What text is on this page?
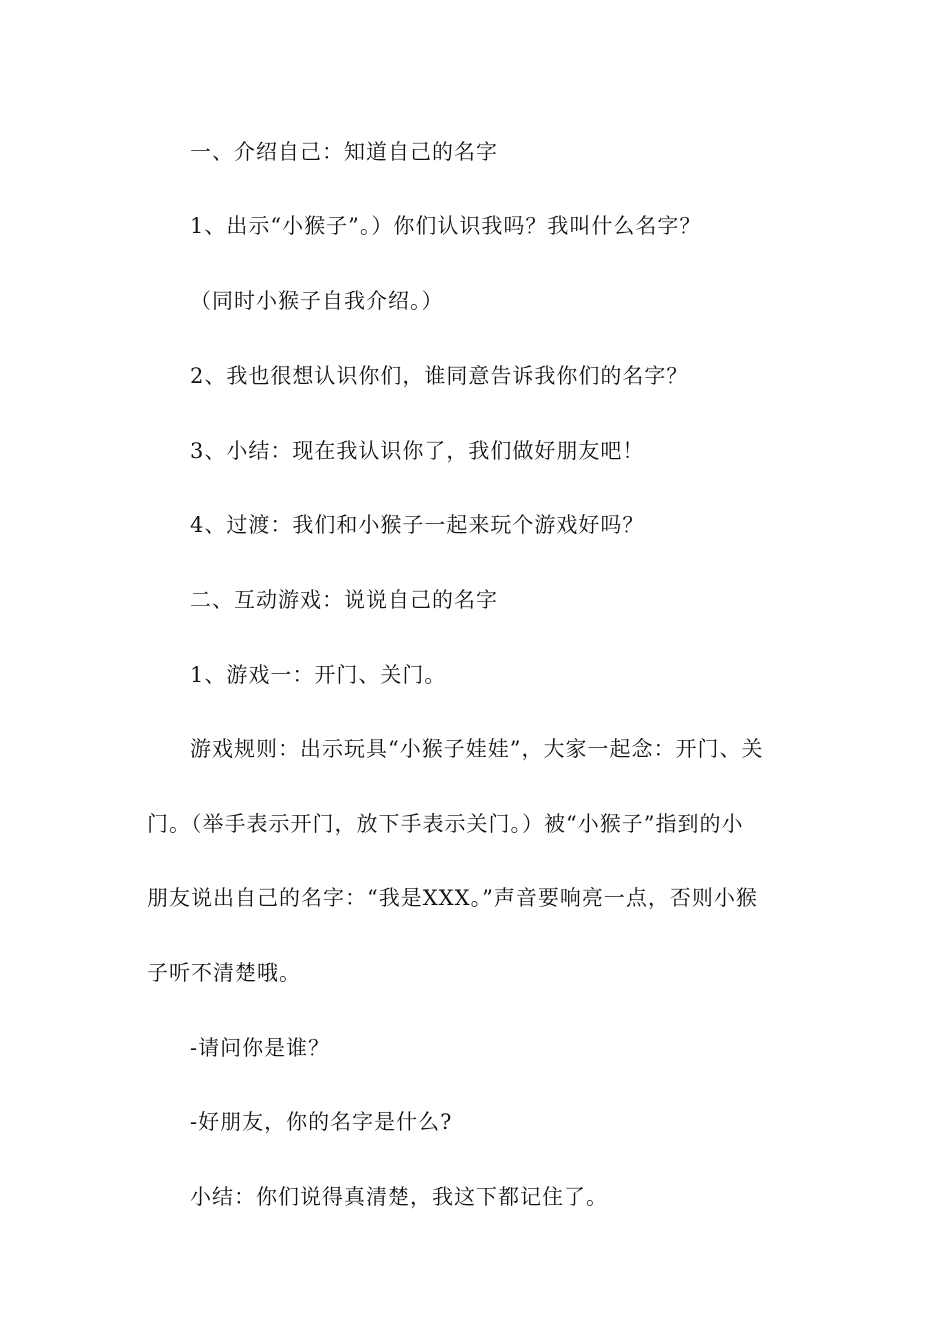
一、介绍自己：知道自己的名字
1、出示“小猴子”。）你们认识我吗？我叫什么名字？
（同时小猴子自我介绍。）
2、我也很想认识你们，谁同意告诉我你们的名字？
3、小结：现在我认识你了，我们做好朋友吧！
4、过渡：我们和小猴子一起来玩个游戏好吗？
二、互动游戏：说说自己的名字
1、游戏一：开门、关门。
游戏规则：出示玩具“小猴子娃娃”，大家一起念：开门、关
门。（举手表示开门，放下手表示关门。）被“小猴子”指到的小
朋友说出自己的名字：“我是XXX。”声音要响亮一点，否则小猴
子听不清楚哦。
-请问你是谁？
-好朋友，你的名字是什么?
小结：你们说得真清楚，我这下都记住了。
